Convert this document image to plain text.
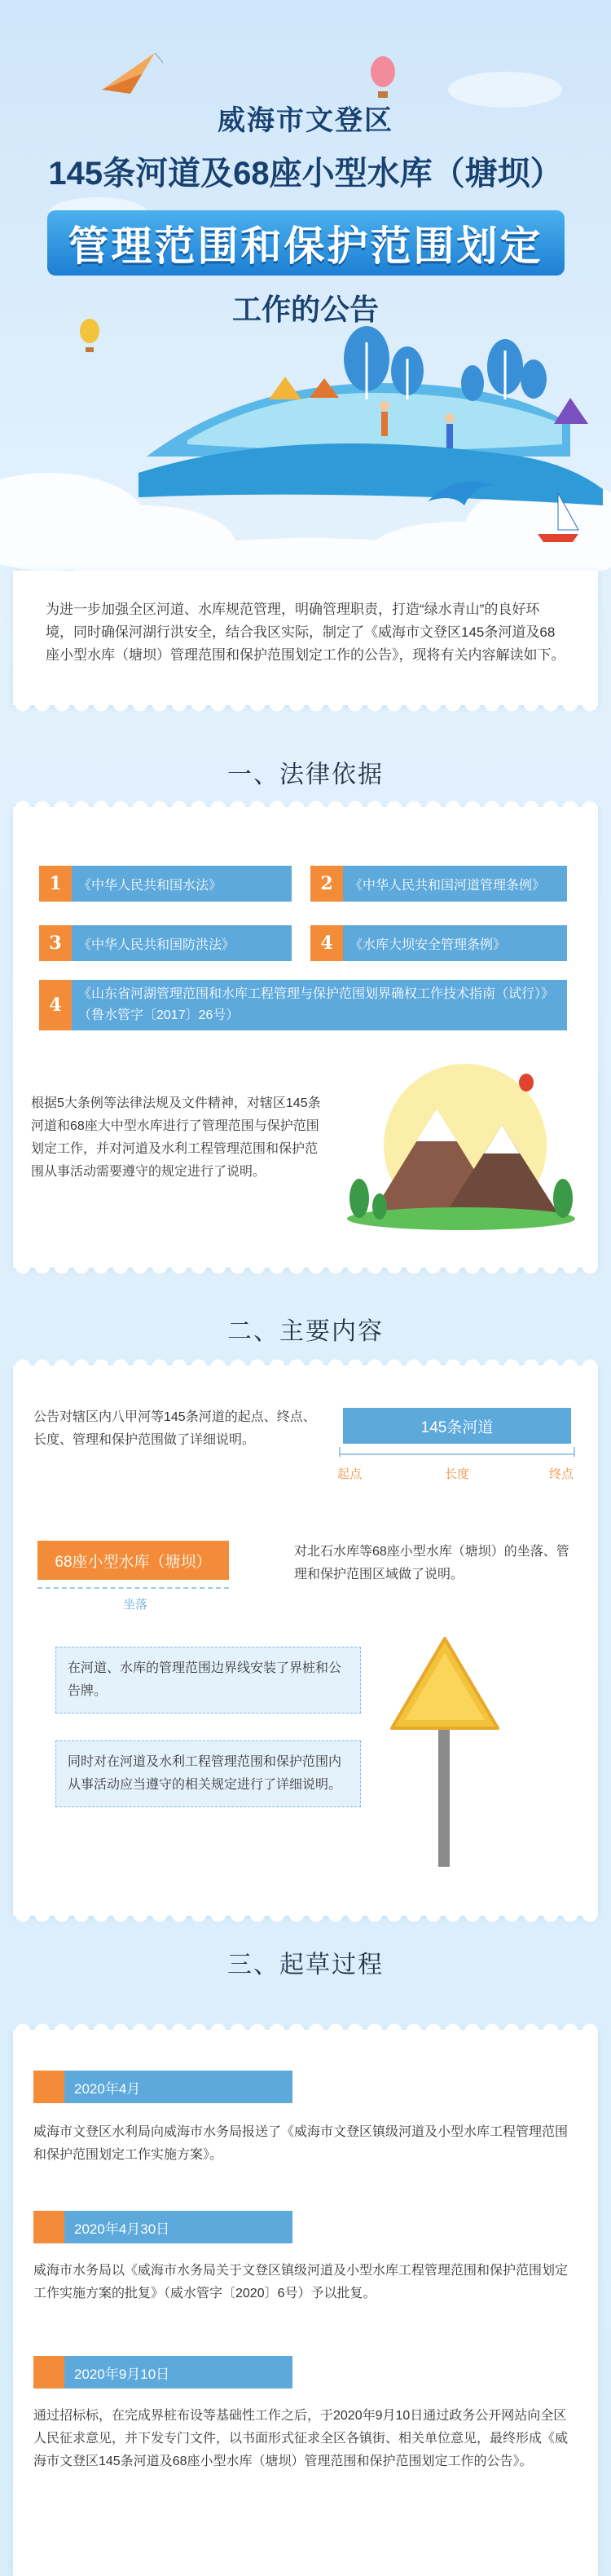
威海市文登区
145条河道及68座小型水库（塘坝）
管理范围和保护范围划定
工作的公告
为进一步加强全区河道、水库规范管理，明确管理职责，打造“绿水青山”的良好环境，同时确保河湖行洪安全，结合我区实际，制定了《威海市文登区145条河道及68座小型水库（塘坝）管理范围和保护范围划定工作的公告》，现将有关内容解读如下。
一、法律依据
1	《中华人民共和国水法》	2	《中华人民共和国河道管理条例》
3	《中华人民共和国防洪法》	4	《水库大坝安全管理条例》
4
《山东省河湖管理范围和水库工程管理与保护范围划界确权工作技术指南（试行）》（鲁水管字〔2017〕26号）
根据5大条例等法律法规及文件精神，对辖区145条河道和68座大中型水库进行了管理范围与保护范围划定工作，并对河道及水利工程管理范围和保护范围从事活动需要遵守的规定进行了说明。
二、主要内容
公告对辖区内八甲河等145条河道的起点、终点、长度、管理和保护范围做了详细说明。
145条河道
起点	长度	终点
68座小型水库（塘坝）
坐落
对北石水库等68座小型水库（塘坝）的坐落、管理和保护范围区域做了说明。
在河道、水库的管理范围边界线安装了界桩和公告牌。
同时对在河道及水利工程管理范围和保护范围内从事活动应当遵守的相关规定进行了详细说明。
三、起草过程
2020年4月
威海市文登区水利局向威海市水务局报送了《威海市文登区镇级河道及小型水库工程管理范围和保护范围划定工作实施方案》。
2020年4月30日
威海市水务局以《威海市水务局关于文登区镇级河道及小型水库工程管理范围和保护范围划定工作实施方案的批复》（威水管字〔2020〕6号）予以批复。
2020年9月10日
通过招标标，在完成界桩布设等基础性工作之后，于2020年9月10日通过政务公开网站向全区人民征求意见，并下发专门文件，以书面形式征求全区各镇街、相关单位意见，最终形成《威海市文登区145条河道及68座小型水库（塘坝）管理范围和保护范围划定工作的公告》。
